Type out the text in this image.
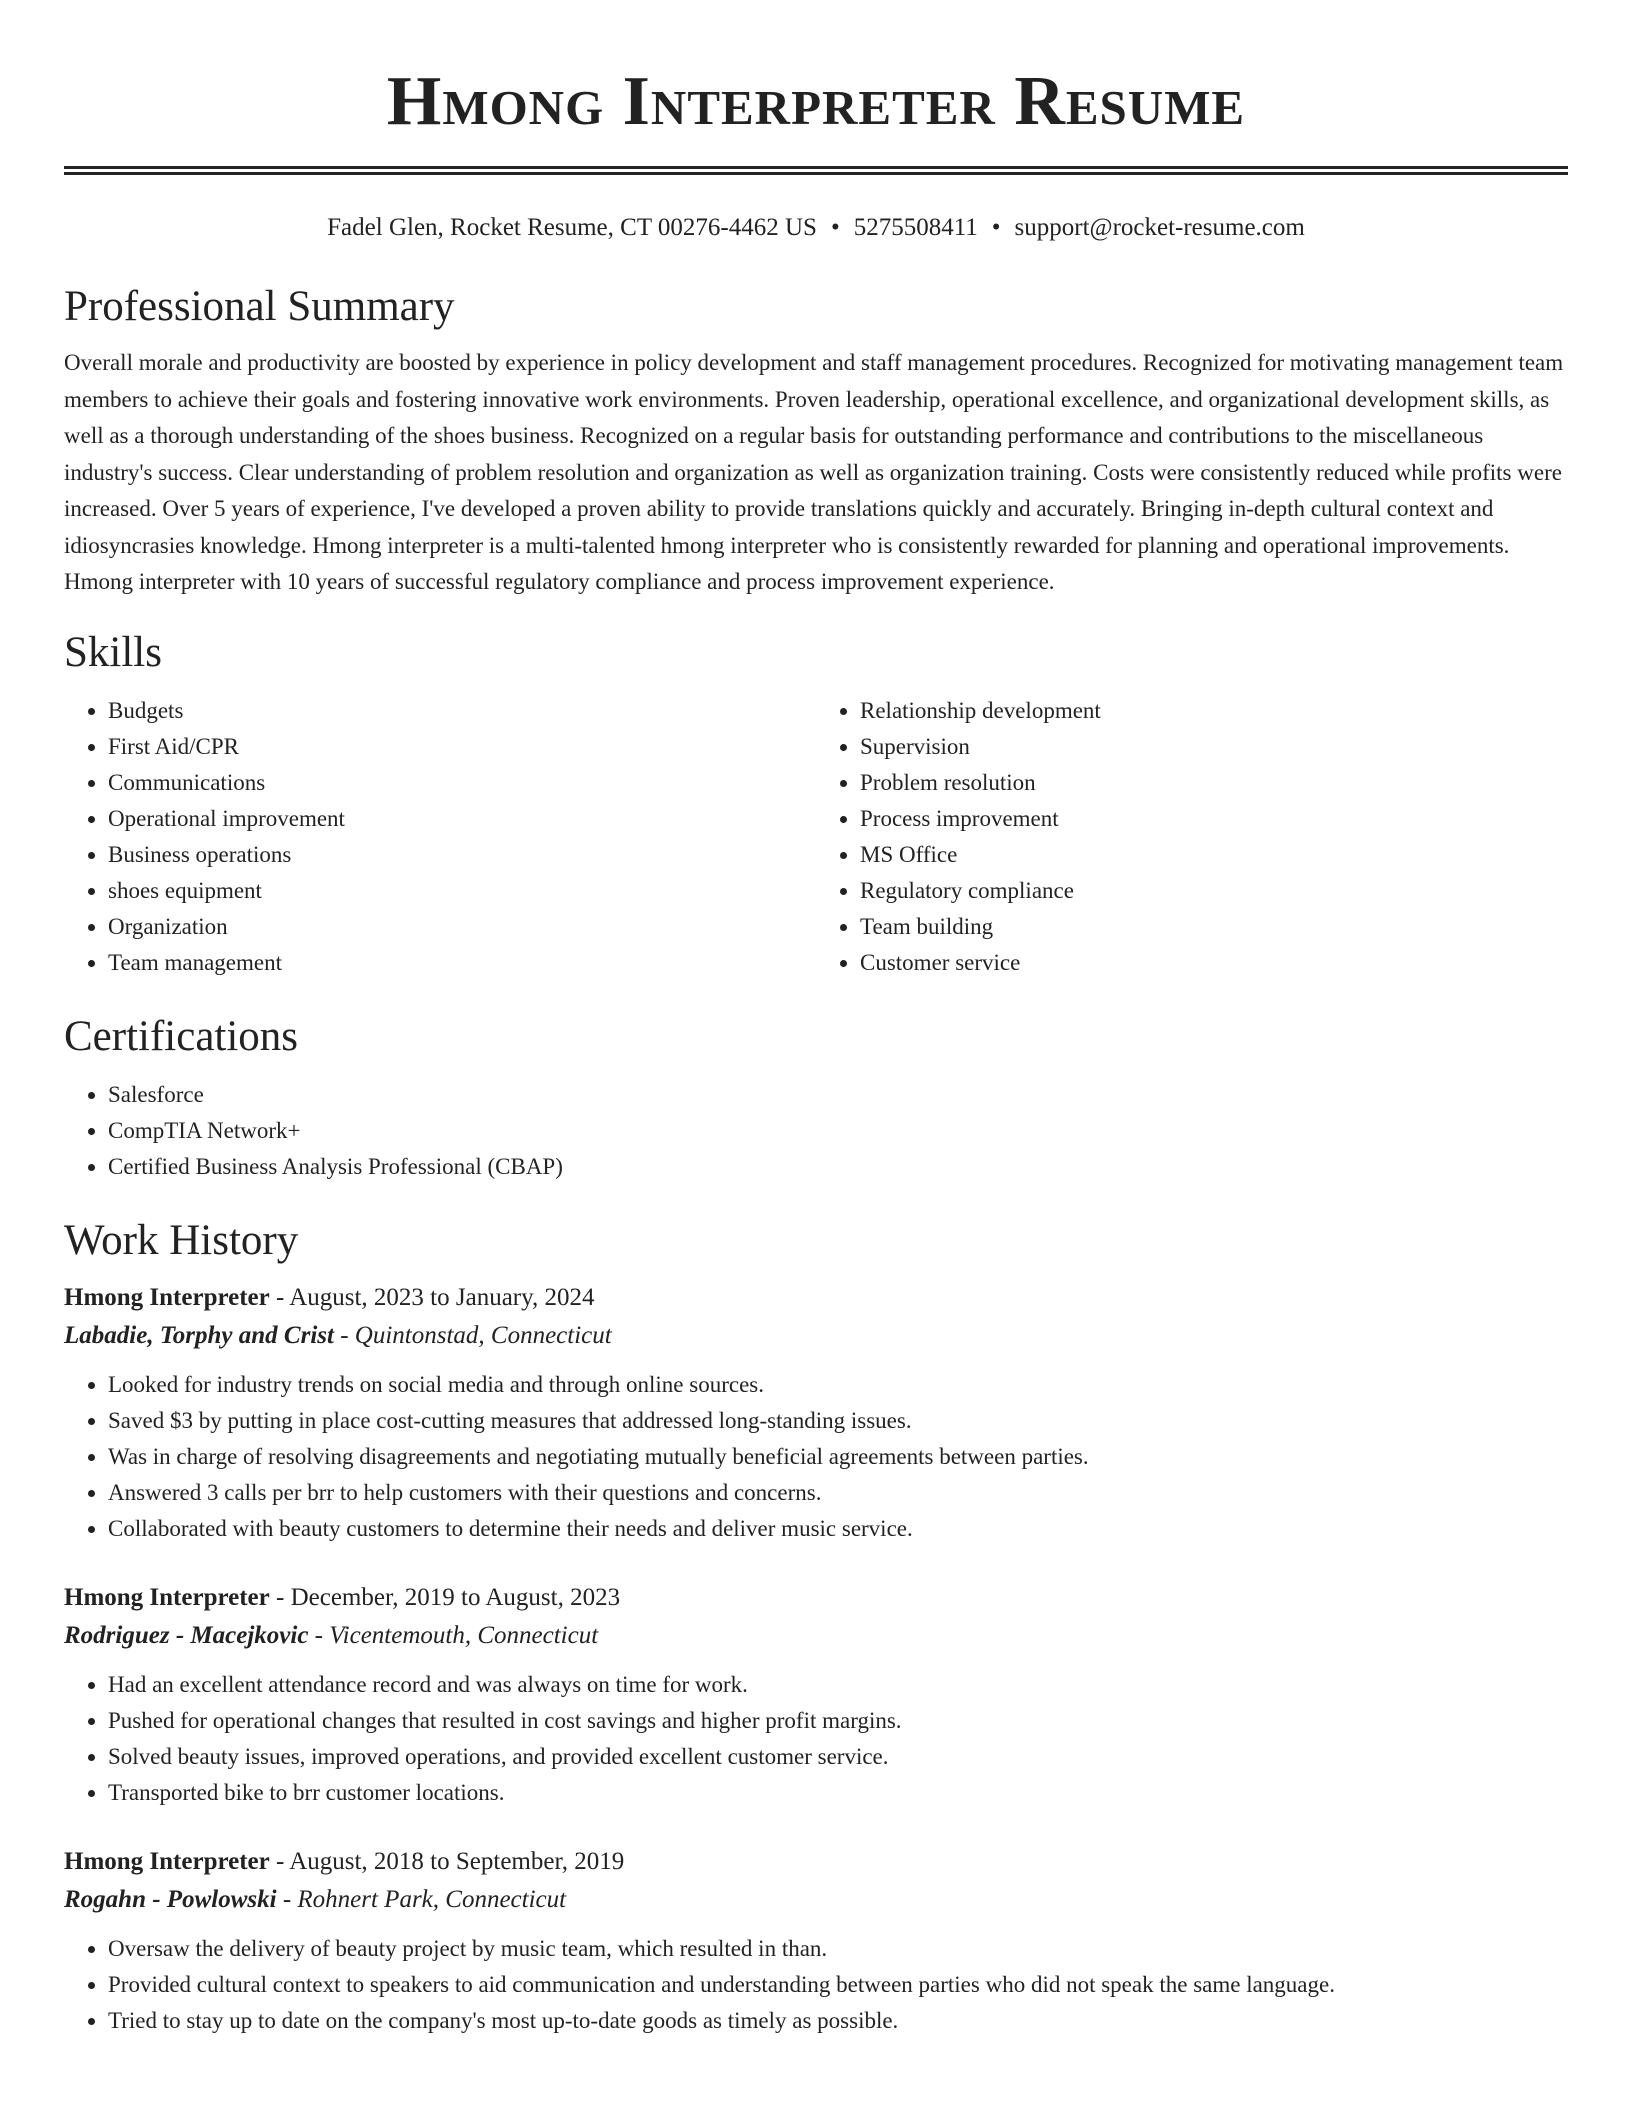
Hmong Interpreter Resume
Fadel Glen, Rocket Resume, CT 00276-4462 US • 5275508411 • support@rocket-resume.com
Professional Summary

Overall morale and productivity are boosted by experience in policy development and staff management procedures. Recognized for motivating management team members to achieve their goals and fostering innovative work environments. Proven leadership, operational excellence, and organizational development skills, as well as a thorough understanding of the shoes business. Recognized on a regular basis for outstanding performance and contributions to the miscellaneous industry's success. Clear understanding of problem resolution and organization as well as organization training. Costs were consistently reduced while profits were increased. Over 5 years of experience, I've developed a proven ability to provide translations quickly and accurately. Bringing in-depth cultural context and idiosyncrasies knowledge. Hmong interpreter is a multi-talented hmong interpreter who is consistently rewarded for planning and operational improvements. Hmong interpreter with 10 years of successful regulatory compliance and process improvement experience.

Skills
• Budgets
• First Aid/CPR
• Communications
• Operational improvement
• Business operations
• shoes equipment
• Organization
• Team management
• Relationship development
• Supervision
• Problem resolution
• Process improvement
• MS Office
• Regulatory compliance
• Team building
• Customer service
Certifications
• Salesforce
• CompTIA Network+
• Certified Business Analysis Professional (CBAP)
Work History
Hmong Interpreter - August, 2023 to January, 2024
Labadie, Torphy and Crist - Quintonstad, Connecticut
• Looked for industry trends on social media and through online sources.
• Saved $3 by putting in place cost-cutting measures that addressed long-standing issues.
• Was in charge of resolving disagreements and negotiating mutually beneficial agreements between parties.
• Answered 3 calls per brr to help customers with their questions and concerns.
• Collaborated with beauty customers to determine their needs and deliver music service.
Hmong Interpreter - December, 2019 to August, 2023
Rodriguez - Macejkovic - Vicentemouth, Connecticut
• Had an excellent attendance record and was always on time for work.
• Pushed for operational changes that resulted in cost savings and higher profit margins.
• Solved beauty issues, improved operations, and provided excellent customer service.
• Transported bike to brr customer locations.
Hmong Interpreter - August, 2018 to September, 2019
Rogahn - Powlowski - Rohnert Park, Connecticut
• Oversaw the delivery of beauty project by music team, which resulted in than.
• Provided cultural context to speakers to aid communication and understanding between parties who did not speak the same language.
• Tried to stay up to date on the company's most up-to-date goods as timely as possible.
